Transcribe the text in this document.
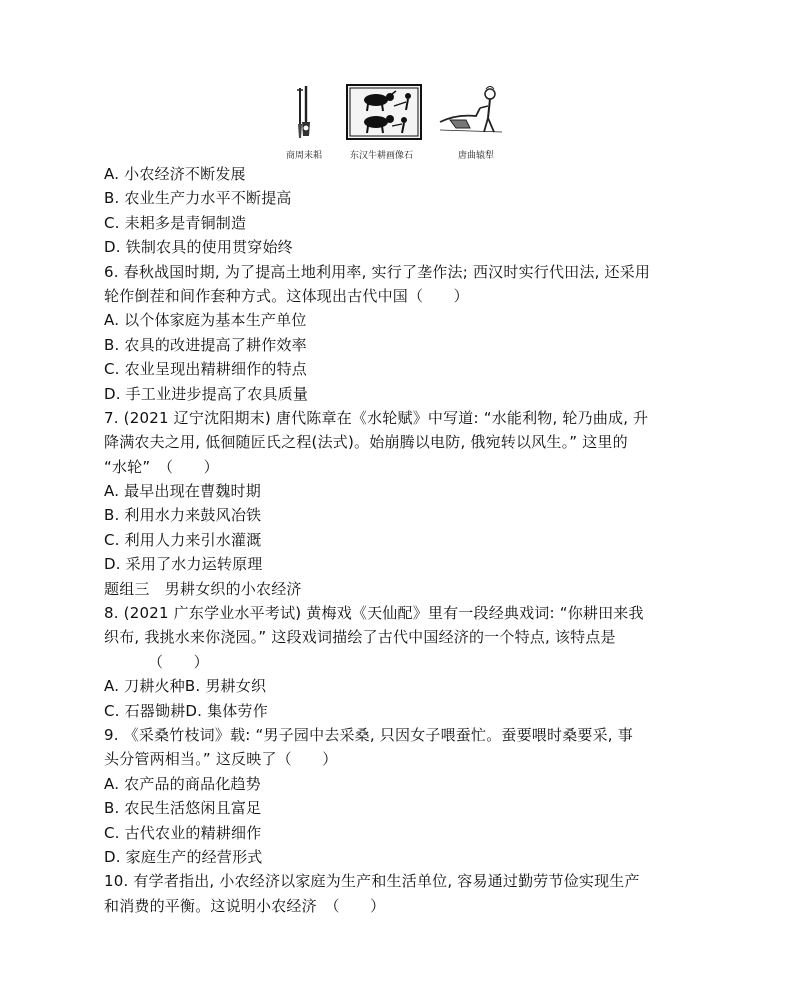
商周耒耜	东汉牛耕画像石	唐曲辕犁
A. 小农经济不断发展
B. 农业生产力水平不断提高
C. 耒耜多是青铜制造
D. 铁制农具的使用贯穿始终
6. 春秋战国时期, 为了提高土地利用率, 实行了垄作法; 西汉时实行代田法, 还采用
轮作倒茬和间作套种方式。这体现出古代中国（　　）
A. 以个体家庭为基本生产单位
B. 农具的改进提高了耕作效率
C. 农业呈现出精耕细作的特点
D. 手工业进步提高了农具质量
7. (2021 辽宁沈阳期末) 唐代陈章在《水轮赋》中写道: “水能利物, 轮乃曲成, 升
降满农夫之用, 低徊随匠氏之程(法式)。始崩腾以电防, 俄宛转以风生。” 这里的
“水轮”　（　　）
A. 最早出现在曹魏时期
B. 利用水力来鼓风冶铁
C. 利用人力来引水灌溉
D. 采用了水力运转原理
题组三　男耕女织的小农经济
8. (2021 广东学业水平考试) 黄梅戏《天仙配》里有一段经典戏词: “你耕田来我
织布, 我挑水来你浇园。” 这段戏词描绘了古代中国经济的一个特点, 该特点是
（　　）
A. 刀耕火种B. 男耕女织
C. 石器锄耕D. 集体劳作
9. 《采桑竹枝词》载: “男子园中去采桑, 只因女子喂蚕忙。蚕要喂时桑要采, 事
头分管两相当。” 这反映了（　　）
A. 农产品的商品化趋势
B. 农民生活悠闲且富足
C. 古代农业的精耕细作
D. 家庭生产的经营形式
10. 有学者指出, 小农经济以家庭为生产和生活单位, 容易通过勤劳节俭实现生产
和消费的平衡。这说明小农经济　（　　）
